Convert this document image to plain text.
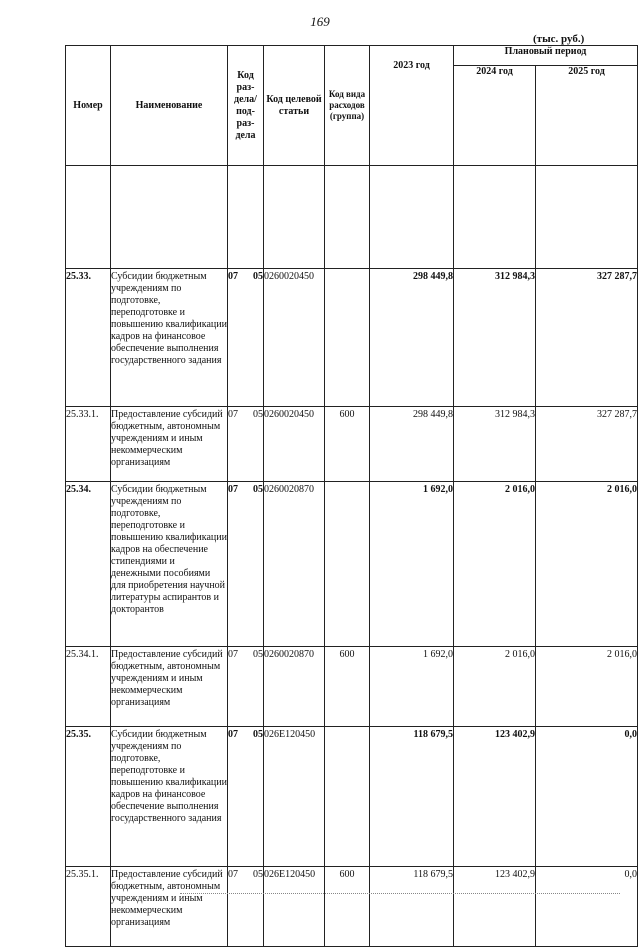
169
(тыс. руб.)
Номер	Наименование	Код раз-дела/ под-раз-дела	Код целевой статьи	Код вида расходов (группа)	2023 год	Плановый период	
						2024 год	2025 год

25.33.	Субсидии бюджетным учреждениям по подготовке, переподготовке и повышению квалификации кадров на финансовое обеспечение выполнения государственного задания	07 05	0260020450		298 449,8	312 984,3	327 287,7
25.33.1.	Предоставление субсидий бюджетным, автономным учреждениям и иным некоммерческим организациям	07 05	0260020450	600	298 449,8	312 984,3	327 287,7
25.34.	Субсидии бюджетным учреждениям по подготовке, переподготовке и повышению квалификации кадров на обеспечение стипендиями и денежными пособиями для приобретения научной литературы аспирантов и докторантов	07 05	0260020870		1 692,0	2 016,0	2 016,0
25.34.1.	Предоставление субсидий бюджетным, автономным учреждениям и иным некоммерческим организациям	07 05	0260020870	600	1 692,0	2 016,0	2 016,0
25.35.	Субсидии бюджетным учреждениям по подготовке, переподготовке и повышению квалификации кадров на финансовое обеспечение выполнения государственного задания	07 05	026Е120450		118 679,5	123 402,9	0,0
25.35.1.	Предоставление субсидий бюджетным, автономным учреждениям и иным некоммерческим организациям	07 05	026Е120450	600	118 679,5	123 402,9	0,0
